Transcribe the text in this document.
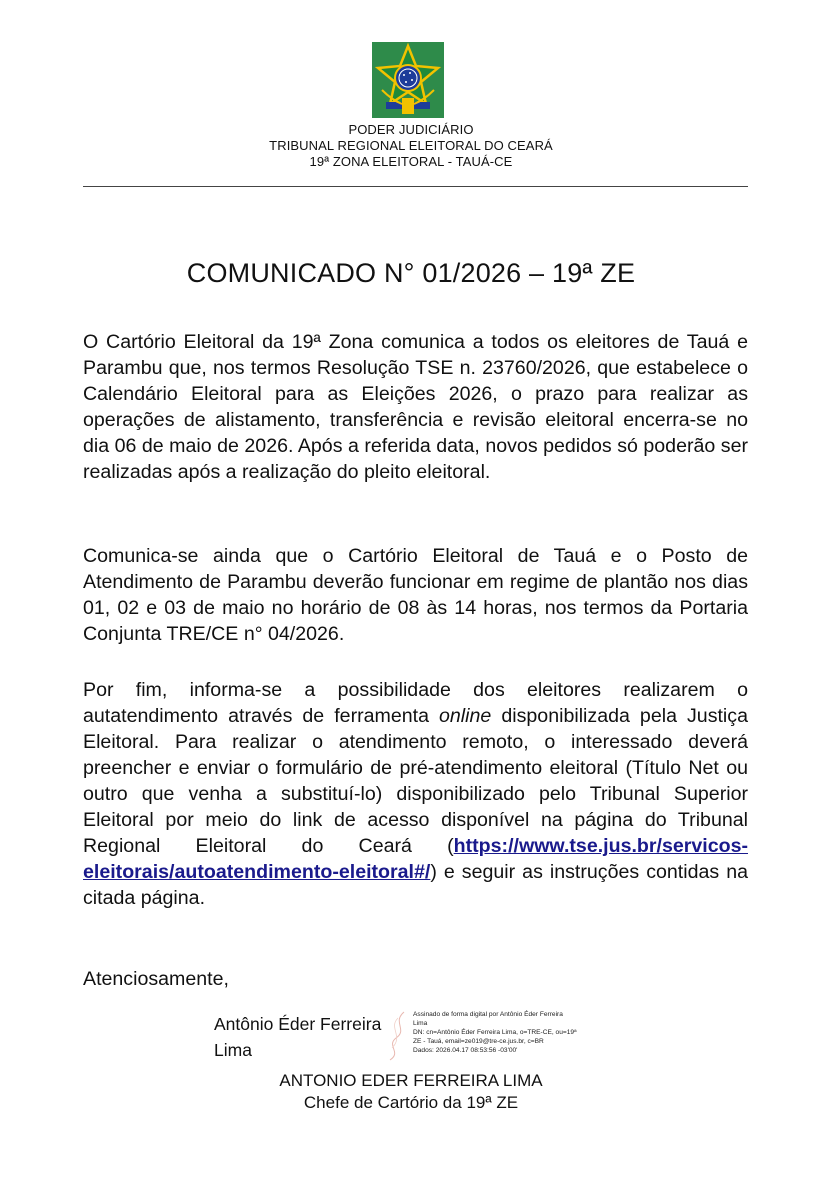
PODER JUDICIÁRIO
TRIBUNAL REGIONAL ELEITORAL DO CEARÁ
19ª ZONA ELEITORAL - TAUÁ-CE
COMUNICADO N° 01/2026 – 19ª ZE

O Cartório Eleitoral da 19ª Zona comunica a todos os eleitores de Tauá e Parambu que, nos termos Resolução TSE n. 23760/2026, que estabelece o Calendário Eleitoral para as Eleições 2026, o prazo para realizar as operações de alistamento, transferência e revisão eleitoral encerra-se no dia 06 de maio de 2026. Após a referida data, novos pedidos só poderão ser realizadas após a realização do pleito eleitoral.

Comunica-se ainda que o Cartório Eleitoral de Tauá e o Posto de Atendimento de Parambu deverão funcionar em regime de plantão nos dias 01, 02 e 03 de maio no horário de 08 às 14 horas, nos termos da Portaria Conjunta TRE/CE n° 04/2026.

Por fim, informa-se a possibilidade dos eleitores realizarem o autatendimento através de ferramenta online disponibilizada pela Justiça Eleitoral. Para realizar o atendimento remoto, o interessado deverá preencher e enviar o formulário de pré-atendimento eleitoral (Título Net ou outro que venha a substituí-lo) disponibilizado pelo Tribunal Superior Eleitoral por meio do link de acesso disponível na página do Tribunal Regional Eleitoral do Ceará (https://www.tse.jus.br/servicos-eleitorais/autoatendimento-eleitoral#/) e seguir as instruções contidas na citada página.

Atenciosamente,
Antônio Éder Ferreira
Lima
Assinado de forma digital por Antônio Éder Ferreira
Lima
DN: cn=Antônio Éder Ferreira Lima, o=TRE-CE, ou=19ª
ZE - Tauá, email=ze019@tre-ce.jus.br, c=BR
Dados: 2026.04.17 08:53:56 -03'00'
ANTONIO EDER FERREIRA LIMA
Chefe de Cartório da 19ª ZE
